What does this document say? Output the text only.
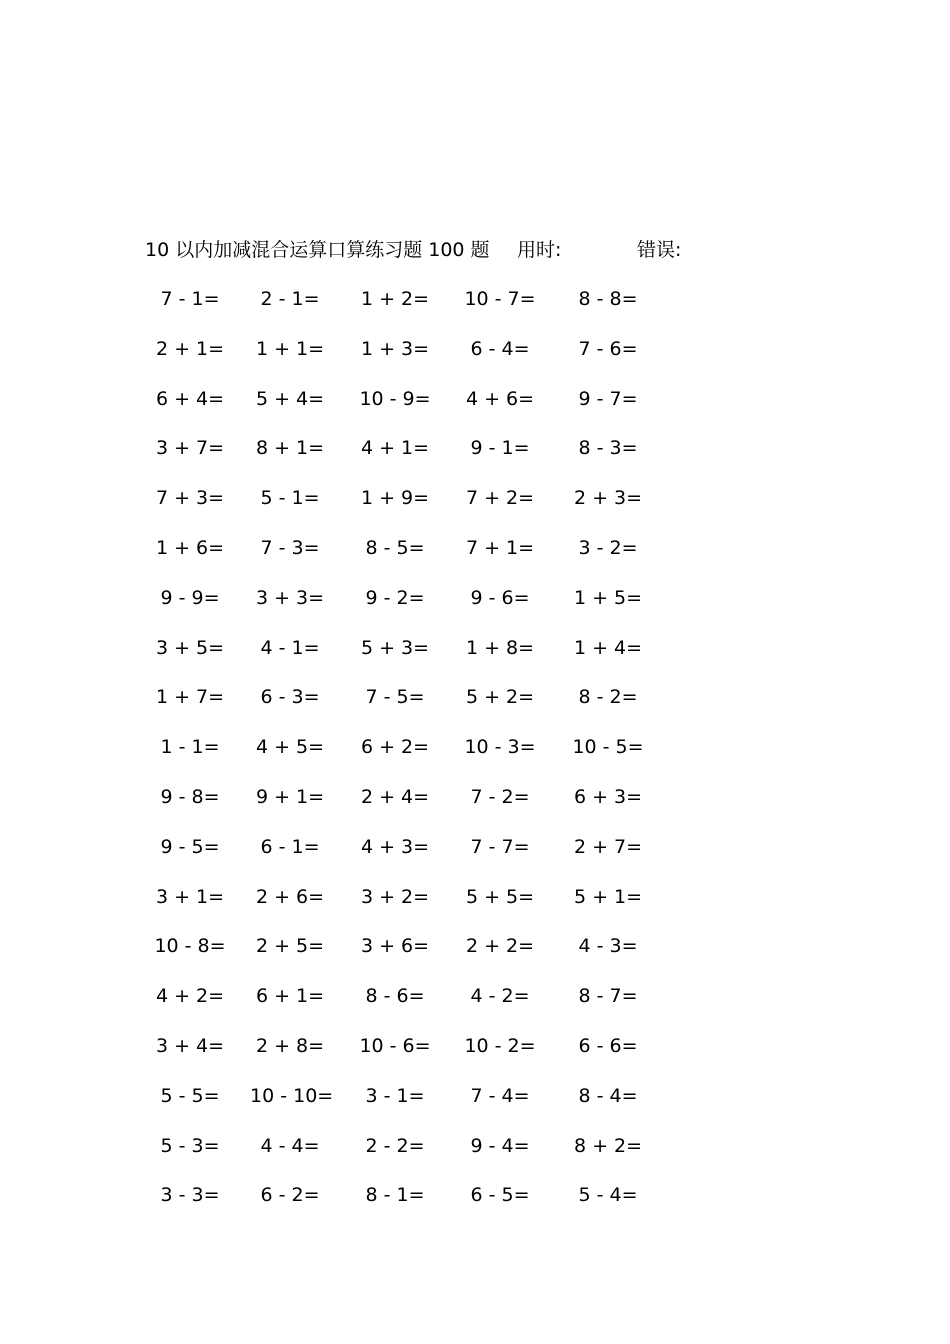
10 以内加减混合运算口算练习题 100 题 用时:	错误:
7 - 1=	2 - 1=	1 + 2=	10 - 7=	8 - 8=
2 + 1=	1 + 1=	1 + 3=	6 - 4=	7 - 6=
6 + 4=	5 + 4=	10 - 9=	4 + 6=	9 - 7=
3 + 7=	8 + 1=	4 + 1=	9 - 1=	8 - 3=
7 + 3=	5 - 1=	1 + 9=	7 + 2=	2 + 3=
1 + 6=	7 - 3=	8 - 5=	7 + 1=	3 - 2=
9 - 9=	3 + 3=	9 - 2=	9 - 6=	1 + 5=
3 + 5=	4 - 1=	5 + 3=	1 + 8=	1 + 4=
1 + 7=	6 - 3=	7 - 5=	5 + 2=	8 - 2=
1 - 1=	4 + 5=	6 + 2=	10 - 3= 10 - 5=
9 - 8=	9 + 1=	2 + 4=	7 - 2=	6 + 3=
9 - 5=	6 - 1=	4 + 3=	7 - 7=	2 + 7=
3 + 1=	2 + 6=	3 + 2=	5 + 5=	5 + 1=
10 - 8=	2 + 5=	3 + 6=	2 + 2=	4 - 3=
4 + 2=	6 + 1=	8 - 6=	4 - 2=	8 - 7=
3 + 4=	2 + 8=	10 - 6= 10 - 2=	6 - 6=
5 - 5=	10 - 10=	3 - 1=	7 - 4=	8 - 4=
5 - 3=	4 - 4=	2 - 2=	9 - 4=	8 + 2=
3 - 3=	6 - 2=	8 - 1=	6 - 5=	5 - 4=
